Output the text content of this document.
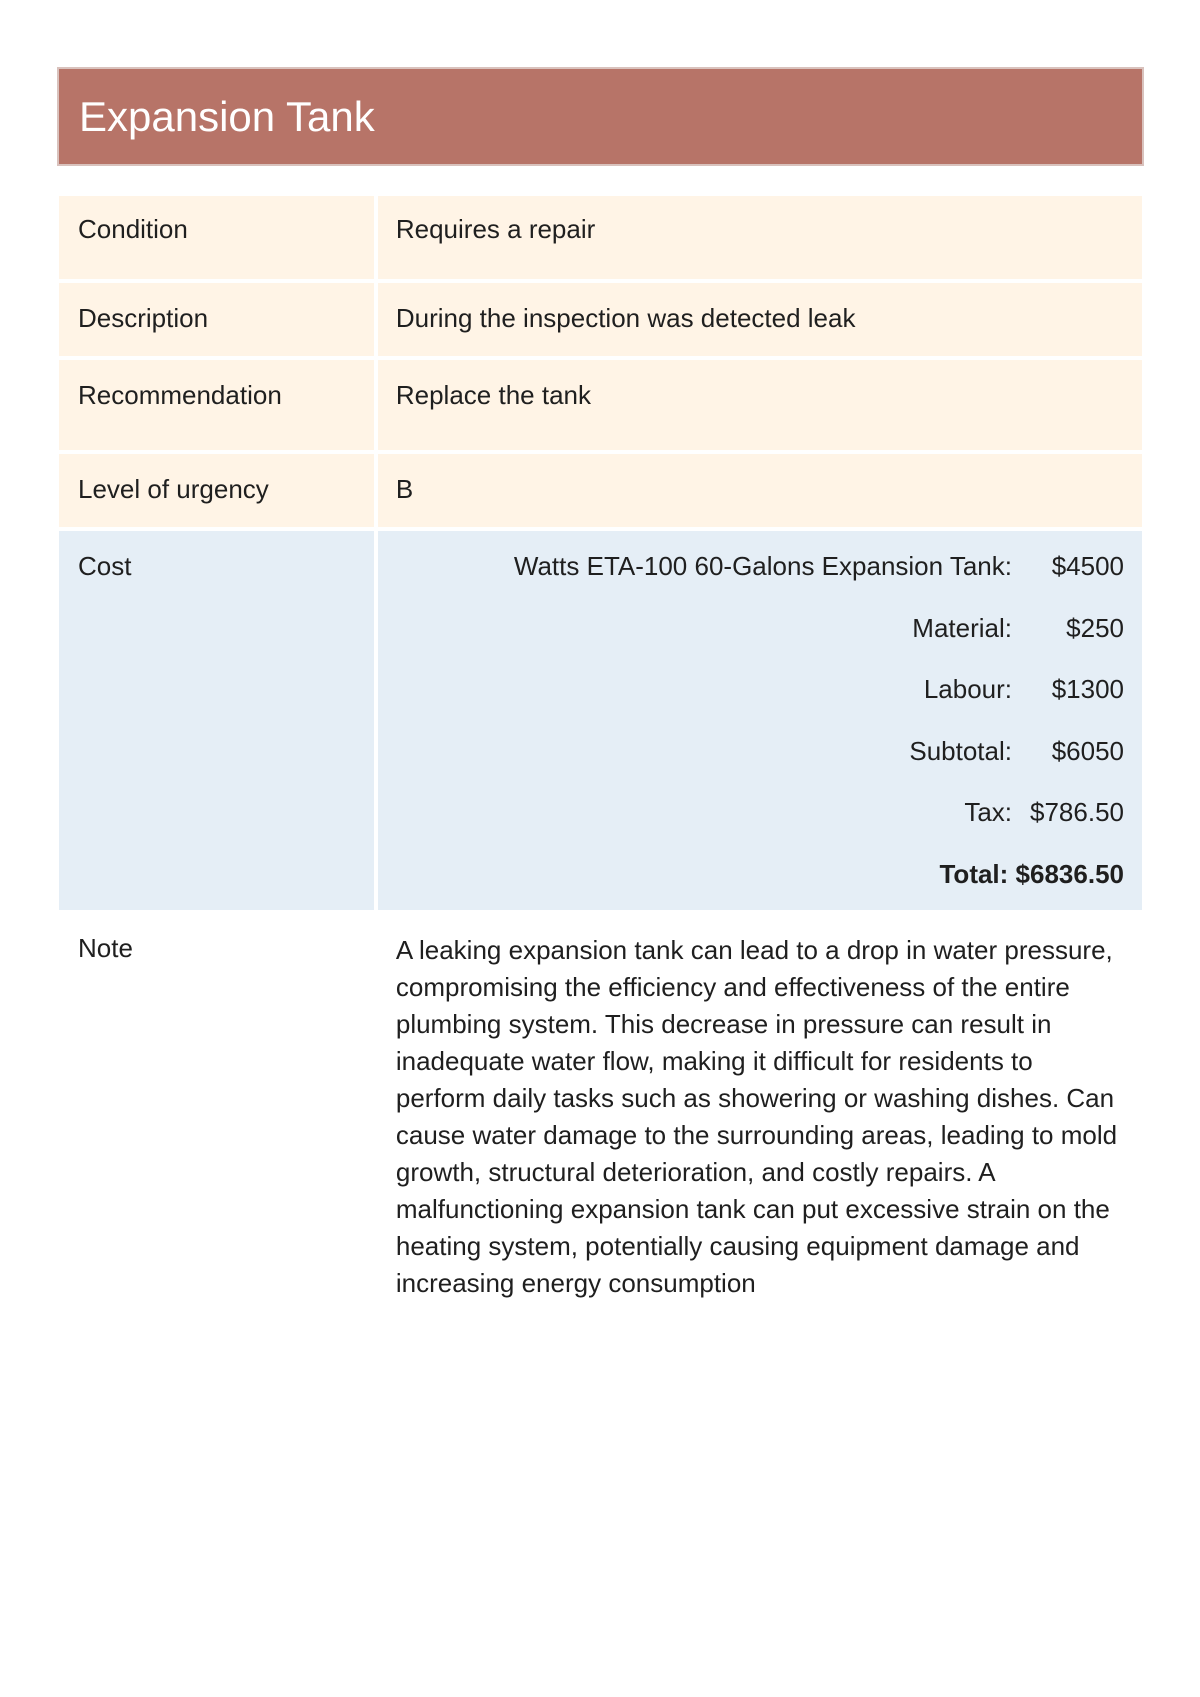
Expansion Tank
Condition	Requires a repair
Description	During the inspection was detected leak
Recommendation	Replace the tank
Level of urgency	B
Cost	Watts ETA-100 60-Galons Expansion Tank:	$4500
Material:	$250
Labour:	$1300
Subtotal:	$6050
Tax: $786.50
Total: $6836.50
Note	A leaking expansion tank can lead to a drop in water pressure, compromising the efficiency and effectiveness of the entire plumbing system. This decrease in pressure can result in inadequate water flow, making it difficult for residents to perform daily tasks such as showering or washing dishes. Can cause water damage to the surrounding areas, leading to mold growth, structural deterioration, and costly repairs. A malfunctioning expansion tank can put excessive strain on the heating system, potentially causing equipment damage and increasing energy consumption
